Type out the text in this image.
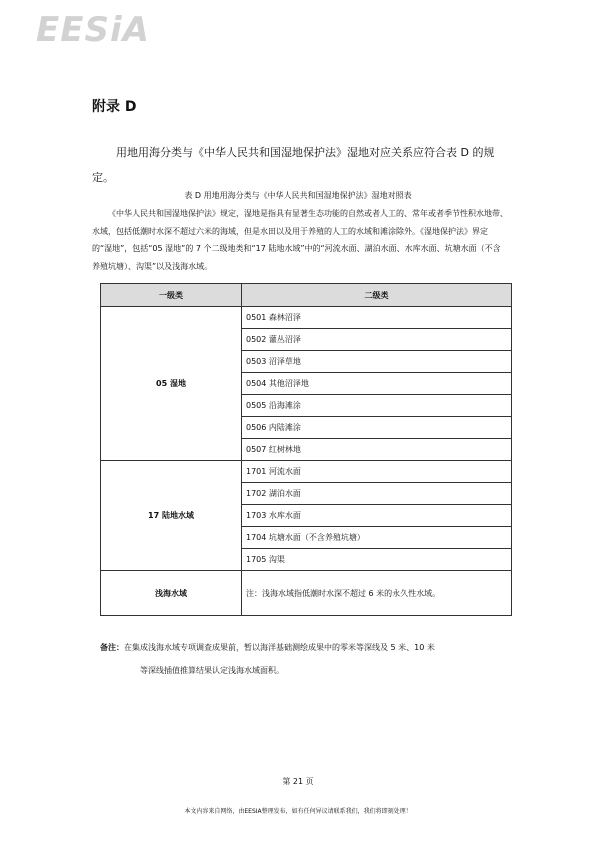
EESiA
附录 D
用地用海分类与《中华人民共和国湿地保护法》湿地对应关系应符合表 D 的规定。
表 D 用地用海分类与《中华人民共和国湿地保护法》湿地对照表
《中华人民共和国湿地保护法》规定，湿地是指具有显著生态功能的自然或者人工的、常年或者季节性积水地带、水域，包括低潮时水深不超过六米的海域，但是水田以及用于养殖的人工的水域和滩涂除外。《湿地保护法》界定的“湿地”，包括“05 湿地”的 7 个二级地类和“17 陆地水域”中的“河流水面、湖泊水面、水库水面、坑塘水面（不含养殖坑塘）、沟渠”以及浅海水域。
一级类	二级类
05 湿地	0501 森林沼泽
	0502 灌丛沼泽
	0503 沼泽草地
	0504 其他沼泽地
	0505 沿海滩涂
	0506 内陆滩涂
	0507 红树林地
17 陆地水域	1701 河流水面
	1702 湖泊水面
	1703 水库水面
	1704 坑塘水面（不含养殖坑塘）
	1705 沟渠
浅海水域	注：浅海水域指低潮时水深不超过 6 米的永久性水域。
备注：在集成浅海水域专项调查成果前，暂以海洋基础测绘成果中的零米等深线及 5 米、10 米
等深线插值推算结果认定浅海水域面积。
第 21 页
本文内容来自网络，由EESIA整理发布，如有任何异议请联系我们，我们将即刻处理！
